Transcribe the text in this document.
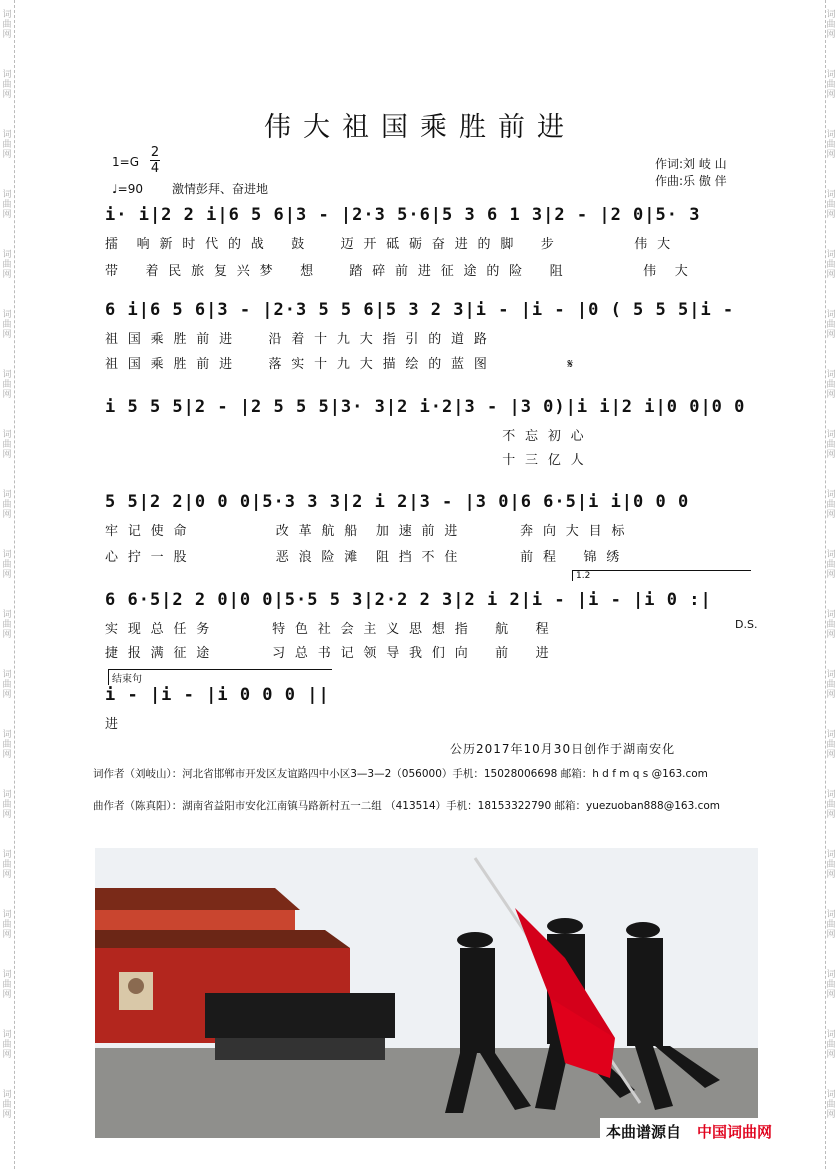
词曲网
词曲网
词曲网
词曲网
词曲网
词曲网
词曲网
词曲网
词曲网
词曲网
词曲网
词曲网
词曲网
词曲网
词曲网
词曲网
词曲网
词曲网
词曲网
词曲网
词曲网
词曲网
词曲网
词曲网
词曲网
词曲网
词曲网
词曲网
词曲网
词曲网
词曲网
词曲网
词曲网
词曲网
词曲网
词曲网
词曲网
词曲网
伟大祖国乘胜前进
1=G
2
4
♩=90 激情彭拜、奋进地
作词:刘 岐 山
作曲:乐 傲 伴
i· i|2 2 i|6 5 6|3 - |2·3 5·6|5 3 6 1 3|2 - |2 0|5· 3
擂  响 新 时 代 的 战   鼓    迈 开 砥 砺 奋 进 的 脚   步         伟 大
带   着 民 旅 复 兴 梦   想    踏 碎 前 进 征 途 的 险   阻         伟  大
6 i|6 5 6|3 - |2·3 5 5 6|5 3 2 3|i - |i - |0 ( 5 5 5|i -
祖 国 乘 胜 前 进    沿 着 十 九 大 指 引 的 道 路
祖 国 乘 胜 前 进    落 实 十 九 大 描 绘 的 蓝 图         𝄋
i 5 5 5|2 - |2 5 5 5|3· 3|2 i·2|3 - |3 0)|i i|2 i|0 0|0 0
不 忘 初 心
十 三 亿 人
5 5|2 2|0 0 0|5·3 3 3|2 i 2|3 - |3 0|6 6·5|i i|0 0 0
牢 记 使 命          改 革 航 船  加 速 前 进       奔 向 大 目 标
心 拧 一 股          恶 浪 险 滩  阻 挡 不 住       前 程   锦 绣
6 6·5|2 2 0|0 0|5·5 5 3|2·2 2 3|2 i 2|i - |i - |i 0 :|
实 现 总 任 务       特 色 社 会 主 义 思 想 指   航   程
捷 报 满 征 途       习 总 书 记 领 导 我 们 向   前   进
D.S.
1.2
结束句
i - |i - |i 0 0 0 ||
进
公历2017年10月30日创作于湖南安化
词作者（刘岐山）：河北省邯郸市开发区友谊路四中小区3—3—2（056000）手机：15028006698 邮箱：h d f m q s @163.com
曲作者（陈真阳）：湖南省益阳市安化江南镇马路新村五一二组 （413514）手机：18153322790 邮箱：yuezuoban888@163.com
本曲谱源自 中国词曲网
